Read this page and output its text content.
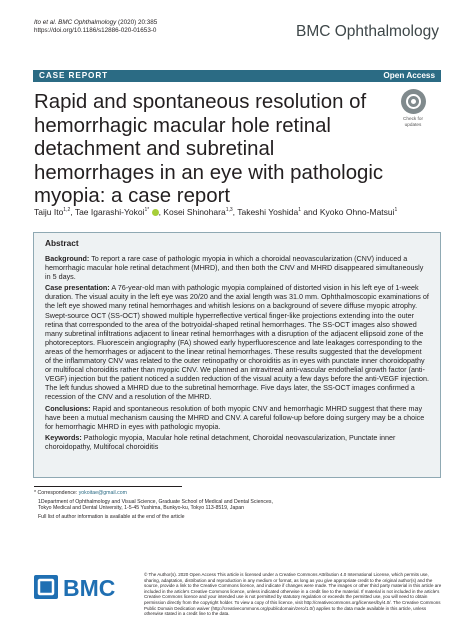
Ito et al. BMC Ophthalmology (2020) 20:385
https://doi.org/10.1186/s12886-020-01653-0	BMC Ophthalmology
CASE REPORT	Open Access
Rapid and spontaneous resolution of hemorrhagic macular hole retinal detachment and subretinal hemorrhages in an eye with pathologic myopia: a case report
Check for
updates
Taiju Ito$^{1,2}$, Tae Igarashi-Yokoi$^{1*}$ , Kosei Shinohara$^{1,3}$, Takeshi Yoshida$^1$ and Kyoko Ohno-Matsui$^1$
Abstract

Background: To report a rare case of pathologic myopia in which a choroidal neovascularization (CNV) induced a hemorrhagic macular hole retinal detachment (MHRD), and then both the CNV and MHRD disappeared simultaneously in 5 days.

Case presentation: A 76-year-old man with pathologic myopia complained of distorted vision in his left eye of 1-week duration. The visual acuity in the left eye was 20/20 and the axial length was 31.0 mm. Ophthalmoscopic examinations of the left eye showed many retinal hemorrhages and whitish lesions on a background of severe diffuse myopic atrophy. Swept-source OCT (SS-OCT) showed multiple hyperreflective vertical finger-like projections extending into the outer retina that corresponded to the area of the botryoidal-shaped retinal hemorrhages. The SS-OCT images also showed many subretinal infiltrations adjacent to linear retinal hemorrhages with a disruption of the adjacent ellipsoid zone of the photoreceptors. Fluorescein angiography (FA) showed early hyperfluorescence and late leakages corresponding to the areas of the hemorrhages or adjacent to the linear retinal hemorrhages. These results suggested that the development of the inflammatory CNV was related to the outer retinopathy or choroiditis as in eyes with punctate inner choroidopathy or multifocal choroiditis rather than myopic CNV. We planned an intravitreal anti-vascular endothelial growth factor (anti-VEGF) injection but the patient noticed a sudden reduction of the visual acuity a few days before the anti-VEGF injection. The left fundus showed a MHRD due to the subretinal hemorrhage. Five days later, the SS-OCT images confirmed a recession of the CNV and a resolution of the MHRD.

Conclusions: Rapid and spontaneous resolution of both myopic CNV and hemorrhagic MHRD suggest that there may have been a mutual mechanism causing the MHRD and CNV. A careful follow-up before doing surgery may be a choice for hemorrhagic MHRD in eyes with pathologic myopia.

Keywords: Pathologic myopia, Macular hole retinal detachment, Choroidal neovascularization, Punctate inner choroidopathy, Multifocal choroiditis

* Correspondence: yokoitae@gmail.com
1Department of Ophthalmology and Visual Science, Graduate School of Medical and Dental Sciences, Tokyo Medical and Dental University, 1-5-45 Yushima, Bunkyo-ku, Tokyo 113-8519, Japan
Full list of author information is available at the end of the article
BMC
© The Author(s). 2020 Open Access This article is licensed under a Creative Commons Attribution 4.0 International License, which permits use, sharing, adaptation, distribution and reproduction in any medium or format, as long as you give appropriate credit to the original author(s) and the source, provide a link to the Creative Commons licence, and indicate if changes were made. The images or other third party material in this article are included in the article's Creative Commons licence, unless indicated otherwise in a credit line to the material. If material is not included in the article's Creative Commons licence and your intended use is not permitted by statutory regulation or exceeds the permitted use, you will need to obtain permission directly from the copyright holder. To view a copy of this licence, visit http://creativecommons.org/licenses/by/4.0/. The Creative Commons Public Domain Dedication waiver (http://creativecommons.org/publicdomain/zero/1.0/) applies to the data made available in this article, unless otherwise stated in a credit line to the data.
